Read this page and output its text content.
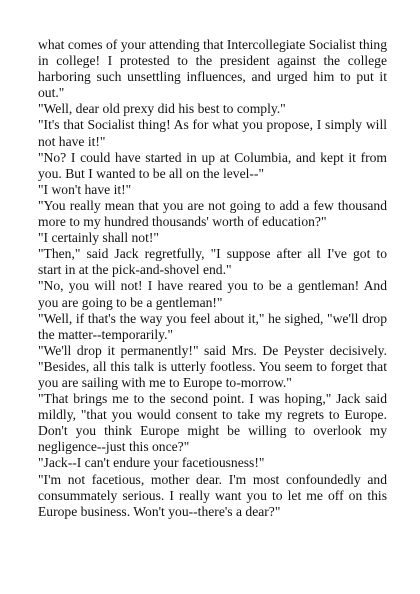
what comes of your attending that Intercollegiate Socialist thing in college! I protested to the president against the college harboring such unsettling influences, and urged him to put it out."

"Well, dear old prexy did his best to comply."

"It's that Socialist thing! As for what you propose, I simply will not have it!"

"No? I could have started in up at Columbia, and kept it from you. But I wanted to be all on the level--"

"I won't have it!"

"You really mean that you are not going to add a few thousand more to my hundred thousands' worth of education?"

"I certainly shall not!"

"Then," said Jack regretfully, "I suppose after all I've got to start in at the pick-and-shovel end."

"No, you will not! I have reared you to be a gentleman! And you are going to be a gentleman!"

"Well, if that's the way you feel about it," he sighed, "we'll drop the matter--temporarily."

"We'll drop it permanently!" said Mrs. De Peyster decisively. "Besides, all this talk is utterly footless. You seem to forget that you are sailing with me to Europe to-morrow."

"That brings me to the second point. I was hoping," Jack said mildly, "that you would consent to take my regrets to Europe. Don't you think Europe might be willing to overlook my negligence--just this once?"

"Jack--I can't endure your facetiousness!"

"I'm not facetious, mother dear. I'm most confoundedly and consummately serious. I really want you to let me off on this Europe business. Won't you--there's a dear?"
